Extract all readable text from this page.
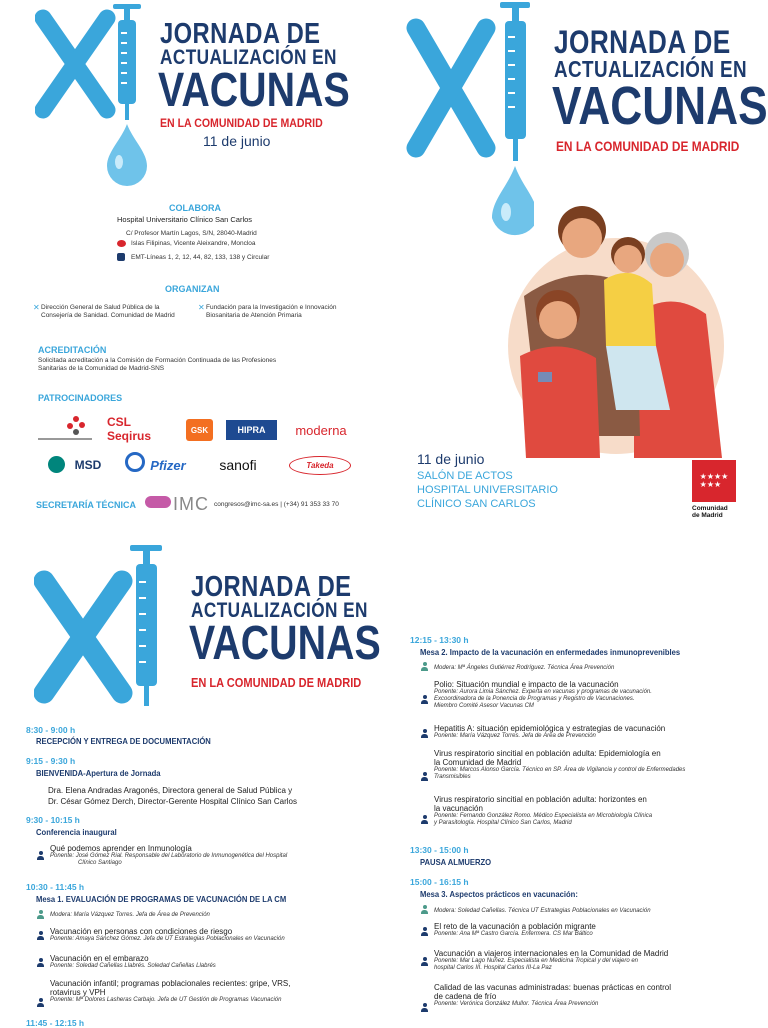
JORNADA DE
ACTUALIZACIÓN EN
VACUNAS
EN LA COMUNIDAD DE MADRID
11 de junio
COLABORA
Hospital Universitario Clínico San Carlos
C/ Profesor Martín Lagos, S/N, 28040-Madrid
Islas Filipinas, Vicente Aleixandre, Moncloa
EMT-Líneas 1, 2, 12, 44, 82, 133, 138 y Circular
ORGANIZAN
✕ Dirección General de Salud Pública de la
Consejería de Sanidad. Comunidad de Madrid
✕ Fundación para la Investigación e Innovación
Biosanitaria de Atención Primaria
ACREDITACIÓN
Solicitada acreditación a la Comisión de Formación Continuada de las Profesiones
Sanitarias de la Comunidad de Madrid-SNS
PATROCINADORES
CSL Seqirus	GSK	HIPRA	moderna
MSD	Pfizer	sanofi	Takeda
SECRETARÍA TÉCNICA IMC congresos@imc-sa.es | (+34) 91 353 33 70
JORNADA DE
ACTUALIZACIÓN EN
VACUNAS
EN LA COMUNIDAD DE MADRID
11 de junio
SALÓN DE ACTOS
HOSPITAL UNIVERSITARIO
CLÍNICO SAN CARLOS
★★★★
★★★
Comunidad
de Madrid
JORNADA DE
ACTUALIZACIÓN EN
VACUNAS
EN LA COMUNIDAD DE MADRID
8:30 - 9:00 h
RECEPCIÓN Y ENTREGA DE DOCUMENTACIÓN
9:15 - 9:30 h
BIENVENIDA-Apertura de Jornada
Dra. Elena Andradas Aragonés, Directora general de Salud Pública y
Dr. César Gómez Derch, Director-Gerente Hospital Clínico San Carlos
9:30 - 10:15 h
Conferencia inaugural
Qué podemos aprender en Inmunología
Ponente: José Gómez Rial. Responsable del Laboratorio de Inmunogenética del Hospital
Clínico Santiago
10:30 - 11:45 h
Mesa 1. EVALUACIÓN DE PROGRAMAS DE VACUNACIÓN DE LA CM
Modera: María Vázquez Torres. Jefa de Área de Prevención
Vacunación en personas con condiciones de riesgo
Ponente: Amaya Sánchez Gómez. Jefa de UT Estrategias Poblacionales en Vacunación
Vacunación en el embarazo
Ponente: Soledad Cañellas Llabrés. Soledad Cañellas Llabrés
Vacunación infantil; programas poblacionales recientes: gripe, VRS,
rotavirus y VPH
Ponente: Mª Dolores Lasheras Carbajo. Jefa de UT Gestión de Programas Vacunación
11:45 - 12:15 h
12:15 - 13:30 h
Mesa 2. Impacto de la vacunación en enfermedades inmunoprevenibles
Modera: Mª Ángeles Gutiérrez Rodríguez. Técnica Área Prevención
Polio: Situación mundial e impacto de la vacunación
Ponente: Aurora Limia Sánchez. Experta en vacunas y programas de vacunación.
Excoordinadora de la Ponencia de Programas y Registro de Vacunaciones.
Miembro Comité Asesor Vacunas CM
Hepatitis A: situación epidemiológica y estrategias de vacunación
Ponente: María Vázquez Torres. Jefa de Área de Prevención
Virus respiratorio sincitial en población adulta: Epidemiología en
la Comunidad de Madrid
Ponente: Marcos Alonso García. Técnico en SP. Área de Vigilancia y control de Enfermedades
Transmisibles
Virus respiratorio sincitial en población adulta: horizontes en
la vacunación
Ponente: Fernando González Romo. Médico Especialista en Microbiología Clínica
y Parasitología. Hospital Clínico San Carlos, Madrid
13:30 - 15:00 h
PAUSA ALMUERZO
15:00 - 16:15 h
Mesa 3. Aspectos prácticos en vacunación:
Modera: Soledad Cañellas. Técnica UT Estrategias Poblacionales en Vacunación
El reto de la vacunación a población migrante
Ponente: Ana Mª Castro García. Enfermera. CS Mar Báltico
Vacunación a viajeros internacionales en la Comunidad de Madrid
Ponente: Mar Lago Nuñez. Especialista en Medicina Tropical y del viajero en
hospital Carlos III. Hospital Carlos III-La Paz
Calidad de las vacunas administradas: buenas prácticas en control
de cadena de frío
Ponente: Verónica González Mullor. Técnica Área Prevención
